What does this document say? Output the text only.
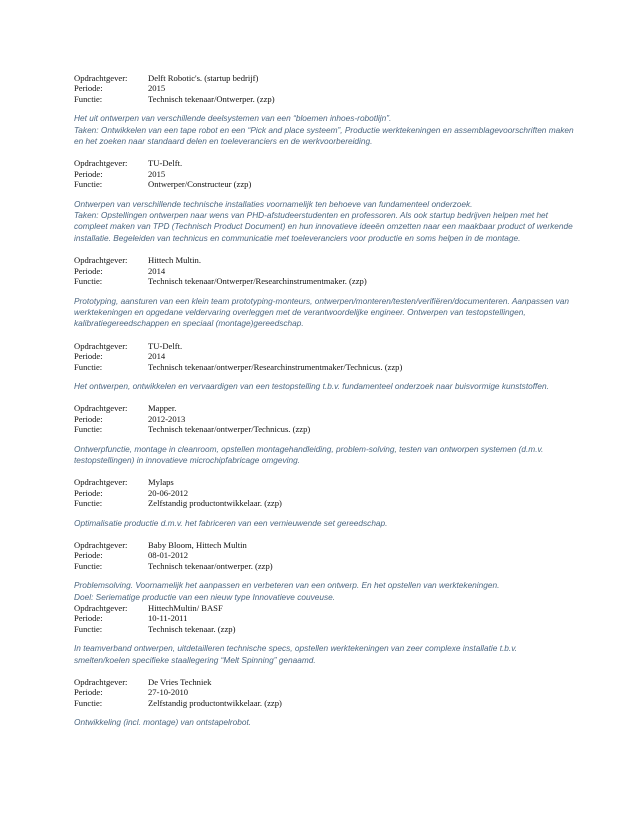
Opdrachtgever:	Delft Robotic's. (startup bedrijf)
Periode:	2015
Functie:	Technisch tekenaar/Ontwerper. (zzp)

Het uit ontwerpen van verschillende deelsystemen van een “bloemen inhoes-robotlijn”.

Taken: Ontwikkelen van een tape robot en een “Pick and place systeem”, Productie werktekeningen en assemblagevoorschriften maken en het zoeken naar standaard delen en toeleveranciers en de werkvoorbereiding.

Opdrachtgever:	TU-Delft.
Periode:	2015
Functie:	Ontwerper/Constructeur (zzp)

Ontwerpen van verschillende technische installaties voornamelijk ten behoeve van fundamenteel onderzoek.

Taken: Opstellingen ontwerpen naar wens van PHD-afstudeerstudenten en professoren. Als ook startup bedrijven helpen met het compleet maken van TPD (Technisch Product Document) en hun innovatieve ideeën omzetten naar een maakbaar product of werkende installatie. Begeleiden van technicus en communicatie met toeleveranciers voor productie en soms helpen in de montage.

Opdrachtgever:	Hittech Multin.
Periode:	2014
Functie:	Technisch tekenaar/Ontwerper/Researchinstrumentmaker. (zzp)

Prototyping, aansturen van een klein team prototyping-monteurs, ontwerpen/monteren/testen/verifiëren/documenteren. Aanpassen van werktekeningen en opgedane veldervaring overleggen met de verantwoordelijke engineer. Ontwerpen van testopstellingen, kalibratiegereedschappen en speciaal (montage)gereedschap.

Opdrachtgever:	TU-Delft.
Periode:	2014
Functie:	Technisch tekenaar/ontwerper/Researchinstrumentmaker/Technicus. (zzp)

Het ontwerpen, ontwikkelen en vervaardigen van een testopstelling t.b.v. fundamenteel onderzoek naar buisvormige kunststoffen.

Opdrachtgever:	Mapper.
Periode:	2012-2013
Functie:	Technisch tekenaar/ontwerper/Technicus. (zzp)

Ontwerpfunctie, montage in cleanroom, opstellen montagehandleiding, problem-solving, testen van ontworpen systemen (d.m.v. testopstellingen) in innovatieve microchipfabricage omgeving.

Opdrachtgever:	Mylaps
Periode:	20-06-2012
Functie:	Zelfstandig productontwikkelaar. (zzp)

Optimalisatie productie d.m.v. het fabriceren van een vernieuwende set gereedschap.

Opdrachtgever:	Baby Bloom, Hittech Multin
Periode:	08-01-2012
Functie:	Technisch tekenaar/ontwerper. (zzp)

Problemsolving. Voornamelijk het aanpassen en verbeteren van een ontwerp. En het opstellen van werktekeningen.

Doel: Seriematige productie van een nieuw type Innovatieve couveuse.

Opdrachtgever:	HittechMultin/ BASF
Periode:	10-11-2011
Functie:	Technisch tekenaar. (zzp)

In teamverband ontwerpen, uitdetailleren technische specs, opstellen werktekeningen van zeer complexe installatie t.b.v. smelten/koelen specifieke staallegering “Melt Spinning” genaamd.

Opdrachtgever:	De Vries Techniek
Periode:	27-10-2010
Functie:	Zelfstandig productontwikkelaar. (zzp)

Ontwikkeling (incl. montage) van ontstapelrobot.
